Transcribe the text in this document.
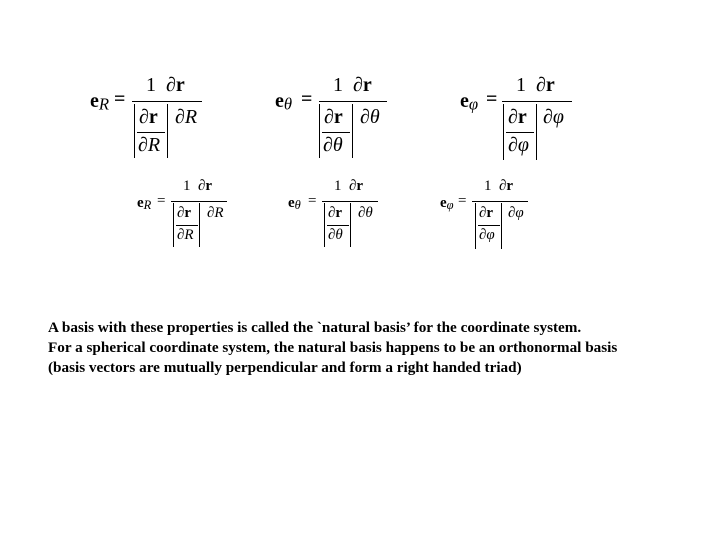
$e_R$ =
1 ∂r
∂r
∂R
∂R
$e_\theta$ =
1 ∂r
∂r
∂θ
∂θ
$e_\varphi$ =
1 ∂r
∂r
∂φ
∂φ
$e_R$ =
1 ∂r
∂r
∂R
∂R
$e_\theta$ =
1 ∂r
∂r
∂θ
∂θ
$e_\varphi$ =
1 ∂r
∂r
∂φ
∂φ

A basis with these properties is called the `natural basis’ for the coordinate system.

For a spherical coordinate system, the natural basis happens to be an orthonormal basis

(basis vectors are mutually perpendicular and form a right handed triad)
